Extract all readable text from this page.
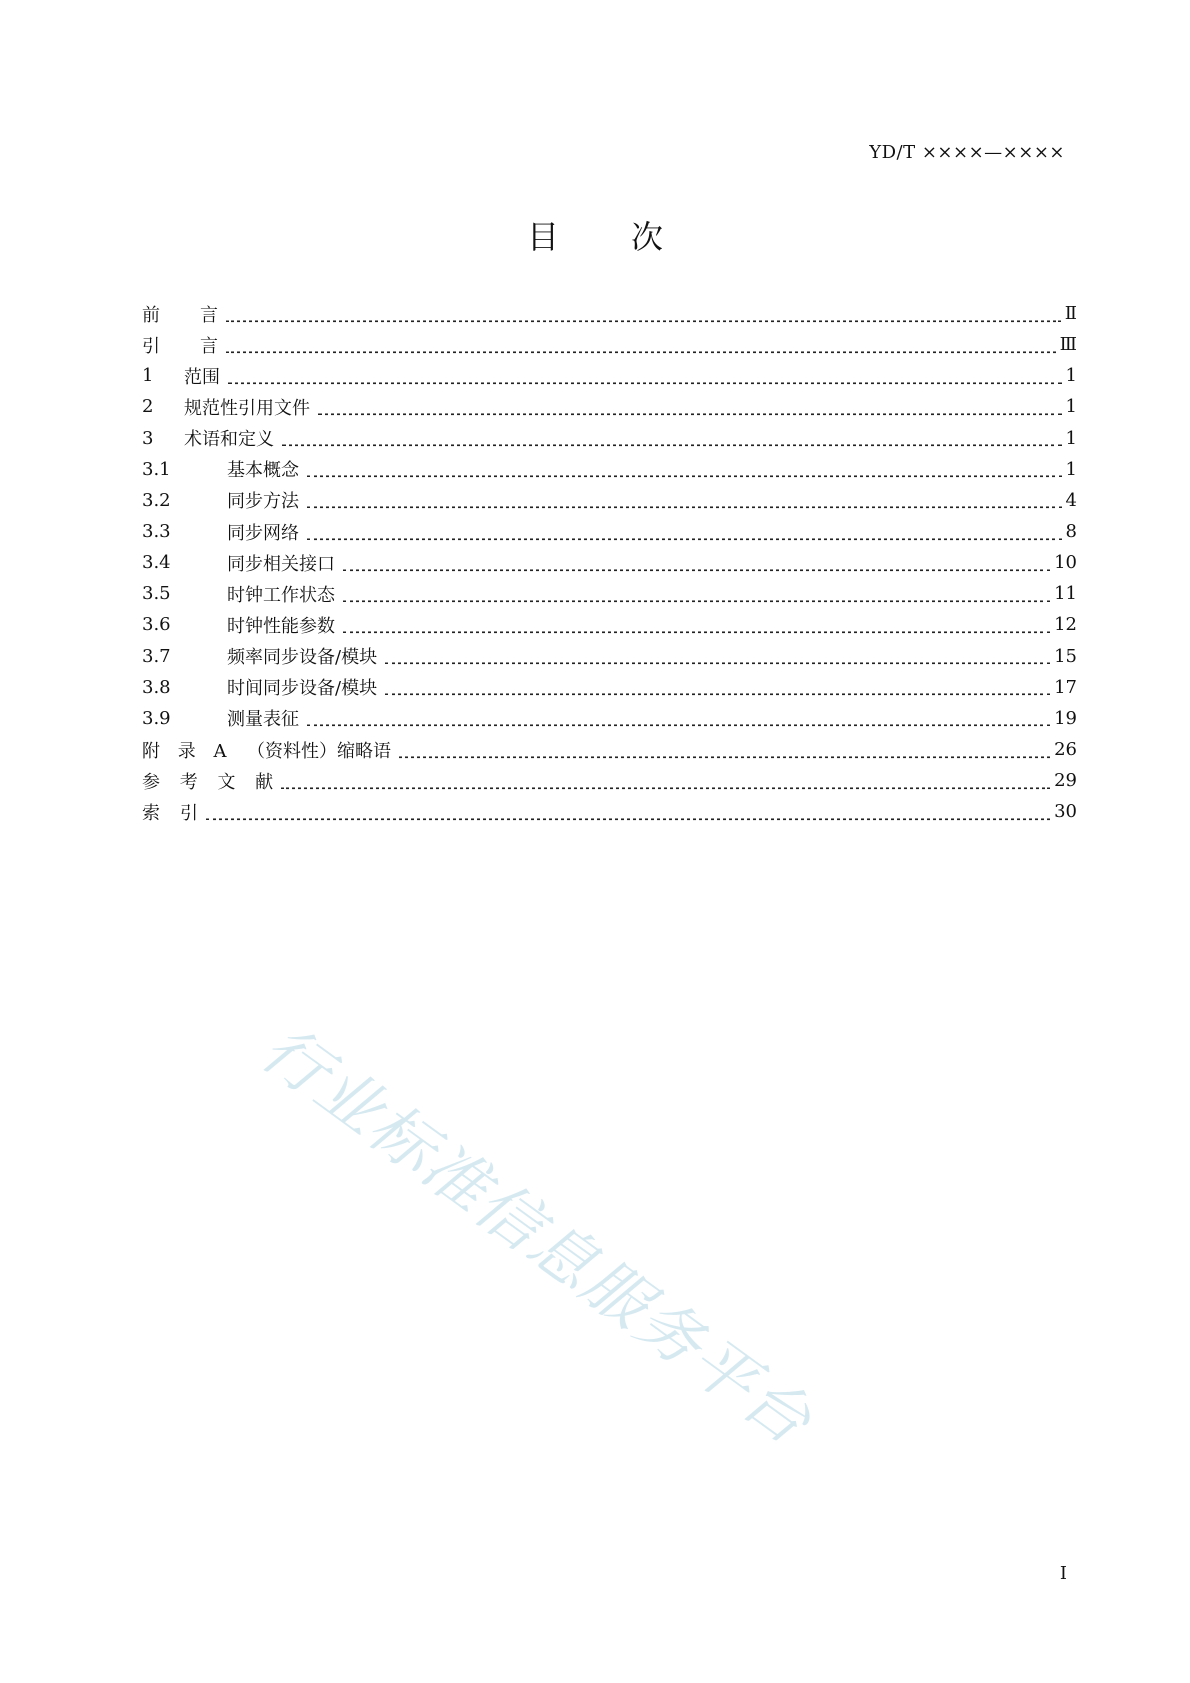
YD/T ××××—××××
目 次
前	言	Ⅱ
引	言	Ⅲ
1	范围	1
2	规范性引用文件	1
3	术语和定义	1
3.1	基本概念	1
3.2	同步方法	4
3.3	同步网络	8
3.4	同步相关接口	10
3.5	时钟工作状态	11
3.6	时钟性能参数	12
3.7	频率同步设备/模块	15
3.8	时间同步设备/模块	17
3.9	测量表征	19
附 录 A	（资料性）缩略语	26
参 考 文 献	29
索	引	30
I
行业标准信息服务平台
